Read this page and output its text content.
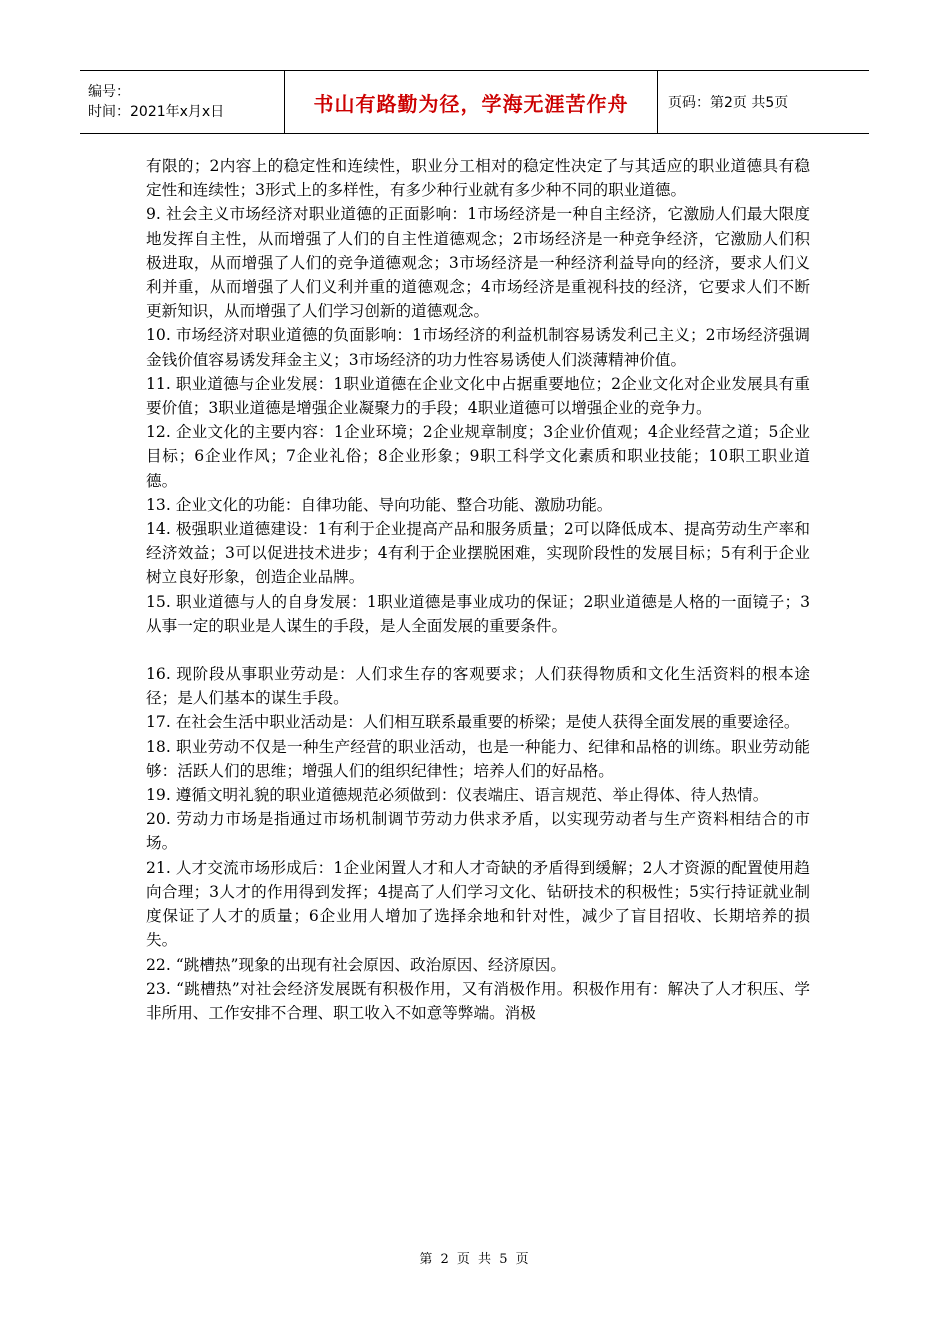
编号：
时间：2021年x月x日	书山有路勤为径，学海无涯苦作舟	页码：第2页 共5页

有限的；2内容上的稳定性和连续性，职业分工相对的稳定性决定了与其适应的职业道德具有稳定性和连续性；3形式上的多样性，有多少种行业就有多少种不同的职业道德。

9. 社会主义市场经济对职业道德的正面影响：1市场经济是一种自主经济，它激励人们最大限度地发挥自主性，从而增强了人们的自主性道德观念；2市场经济是一种竞争经济，它激励人们积极进取，从而增强了人们的竞争道德观念；3市场经济是一种经济利益导向的经济，要求人们义利并重，从而增强了人们义利并重的道德观念；4市场经济是重视科技的经济，它要求人们不断更新知识，从而增强了人们学习创新的道德观念。

10. 市场经济对职业道德的负面影响：1市场经济的利益机制容易诱发利己主义；2市场经济强调金钱价值容易诱发拜金主义；3市场经济的功力性容易诱使人们淡薄精神价值。

11. 职业道德与企业发展：1职业道德在企业文化中占据重要地位；2企业文化对企业发展具有重要价值；3职业道德是增强企业凝聚力的手段；4职业道德可以增强企业的竞争力。

12. 企业文化的主要内容：1企业环境；2企业规章制度；3企业价值观；4企业经营之道；5企业目标；6企业作风；7企业礼俗；8企业形象；9职工科学文化素质和职业技能；10职工职业道德。

13. 企业文化的功能：自律功能、导向功能、整合功能、激励功能。

14. 极强职业道德建设：1有利于企业提高产品和服务质量；2可以降低成本、提高劳动生产率和经济效益；3可以促进技术进步；4有利于企业摆脱困难，实现阶段性的发展目标；5有利于企业树立良好形象，创造企业品牌。

15. 职业道德与人的自身发展：1职业道德是事业成功的保证；2职业道德是人格的一面镜子；3从事一定的职业是人谋生的手段，是人全面发展的重要条件。

16. 现阶段从事职业劳动是：人们求生存的客观要求；人们获得物质和文化生活资料的根本途径；是人们基本的谋生手段。

17. 在社会生活中职业活动是：人们相互联系最重要的桥梁；是使人获得全面发展的重要途径。

18. 职业劳动不仅是一种生产经营的职业活动，也是一种能力、纪律和品格的训练。职业劳动能够：活跃人们的思维；增强人们的组织纪律性；培养人们的好品格。

19. 遵循文明礼貌的职业道德规范必须做到：仪表端庄、语言规范、举止得体、待人热情。

20. 劳动力市场是指通过市场机制调节劳动力供求矛盾，以实现劳动者与生产资料相结合的市场。

21. 人才交流市场形成后：1企业闲置人才和人才奇缺的矛盾得到缓解；2人才资源的配置使用趋向合理；3人才的作用得到发挥；4提高了人们学习文化、钻研技术的积极性；5实行持证就业制度保证了人才的质量；6企业用人增加了选择余地和针对性，减少了盲目招收、长期培养的损失。

22. “跳槽热”现象的出现有社会原因、政治原因、经济原因。

23. “跳槽热”对社会经济发展既有积极作用，又有消极作用。积极作用有：解决了人才积压、学非所用、工作安排不合理、职工收入不如意等弊端。消极

第 2 页 共 5 页
